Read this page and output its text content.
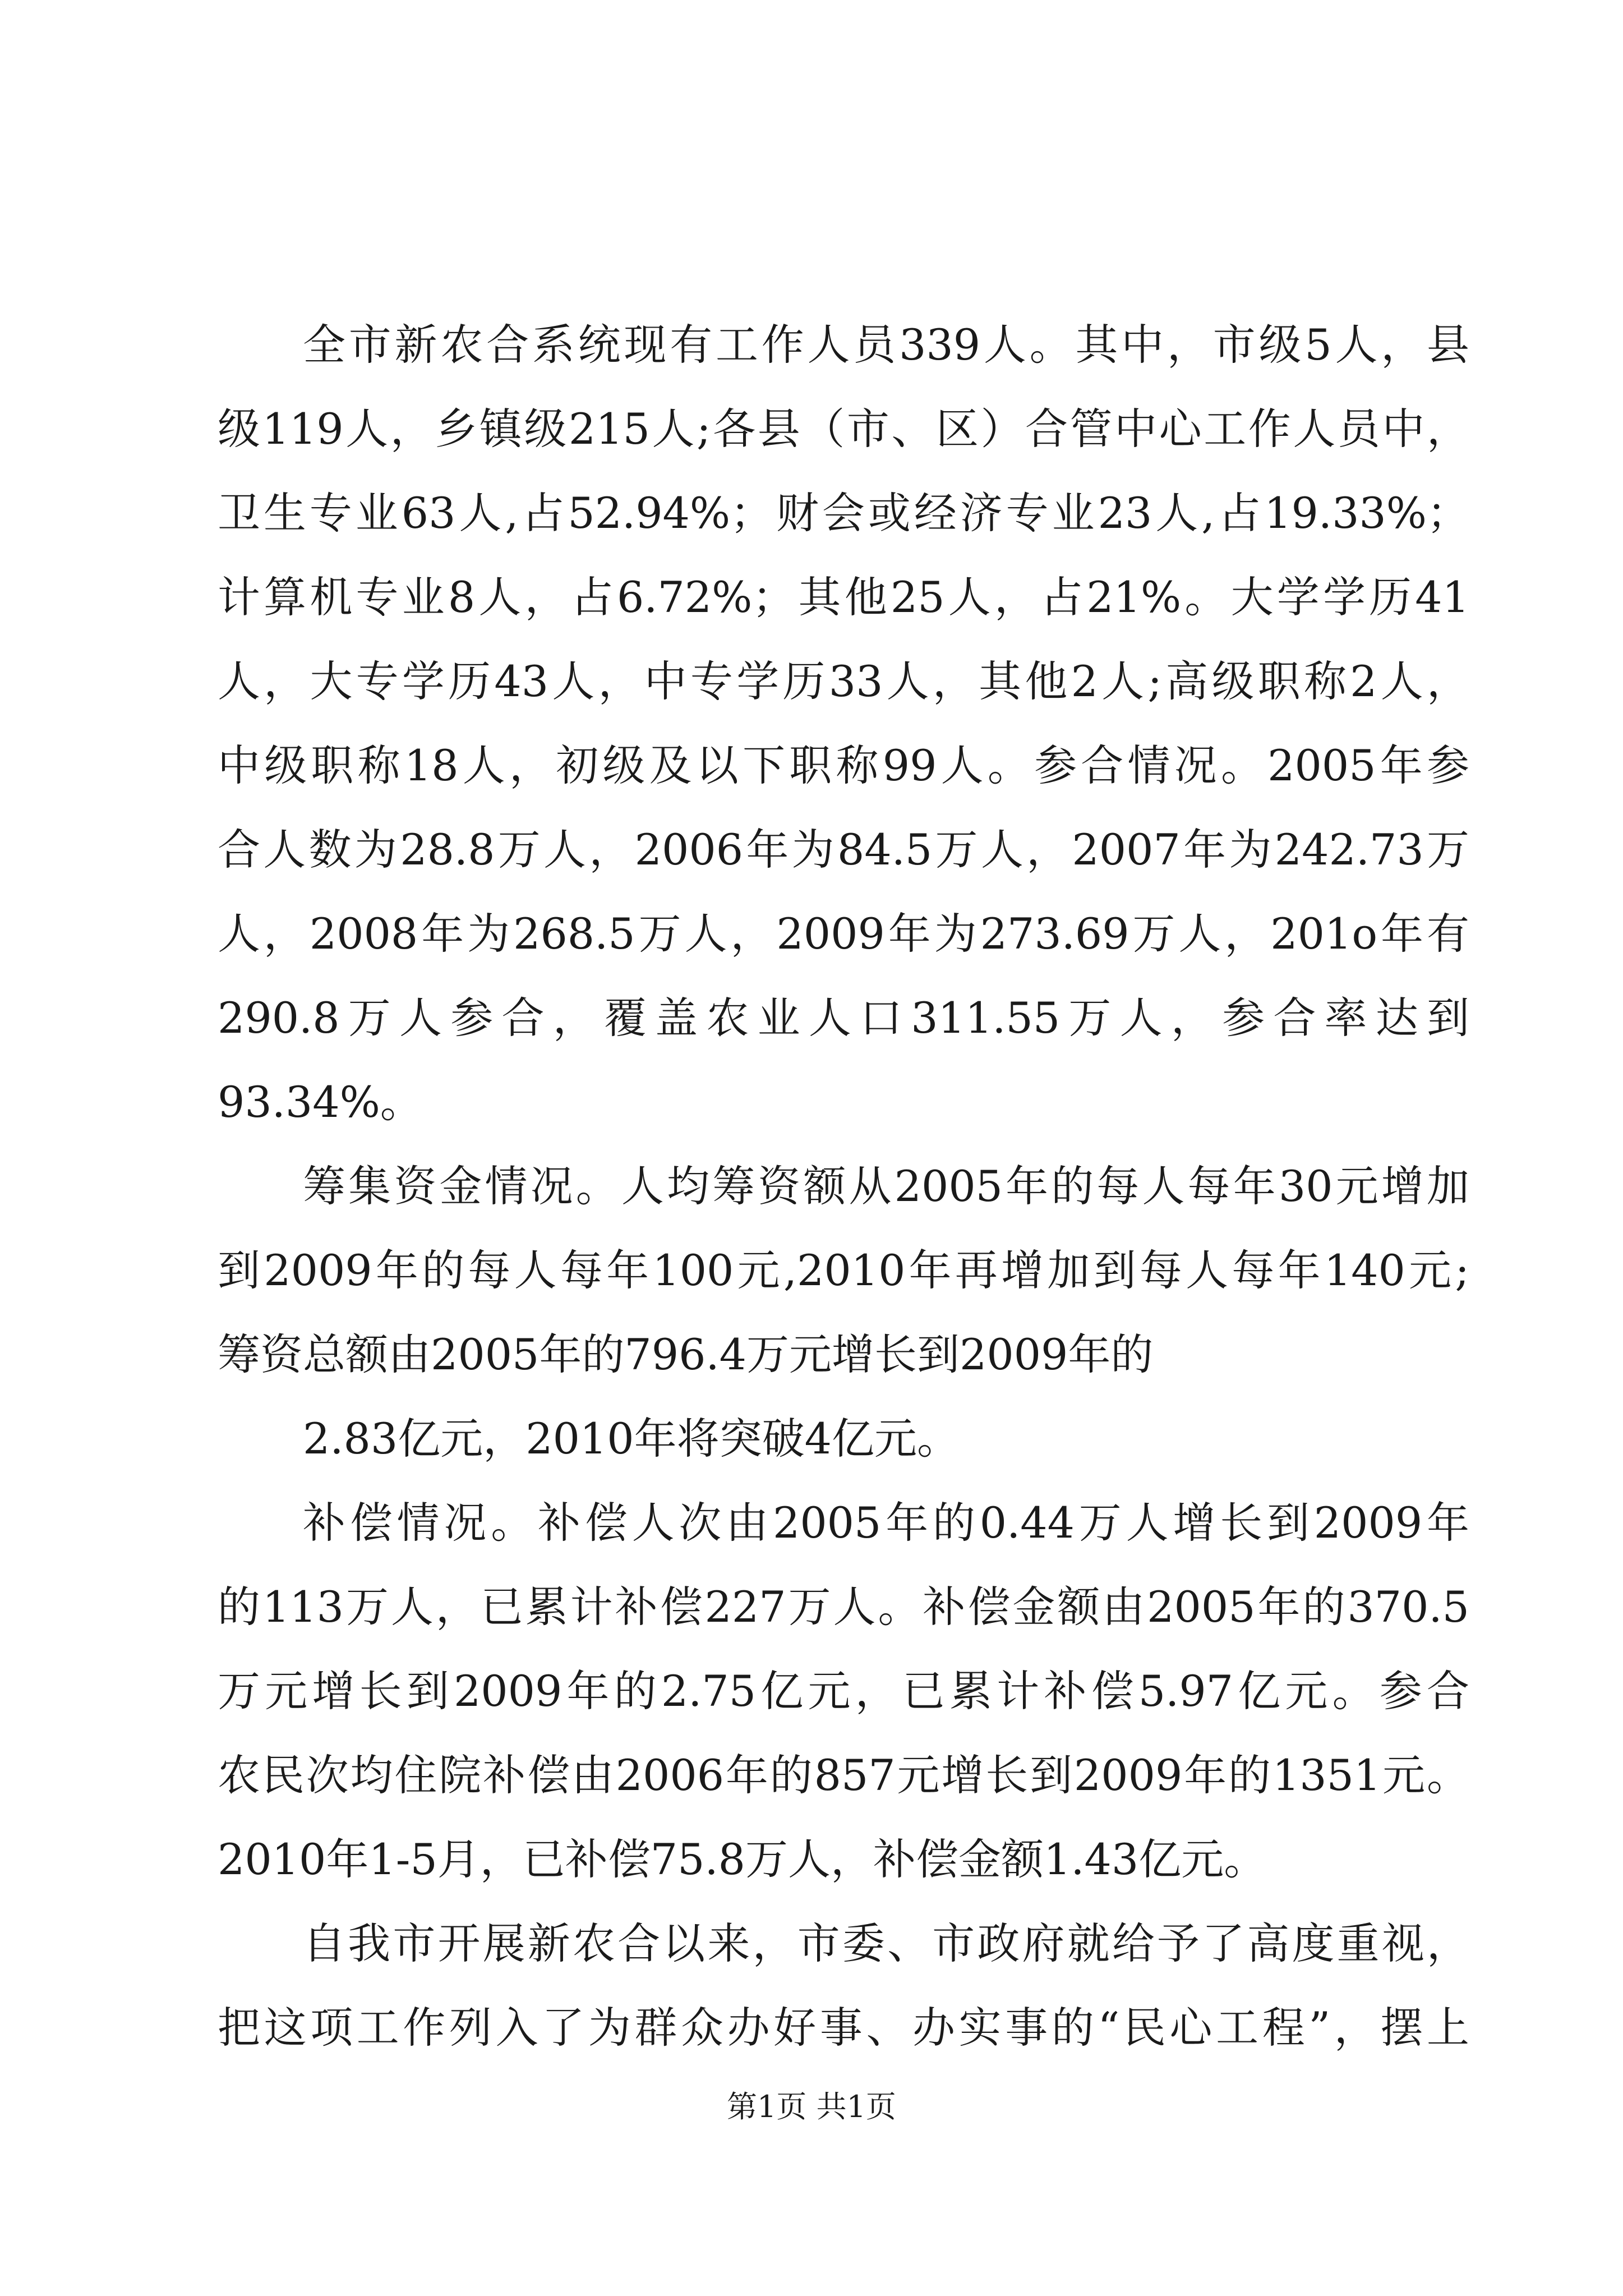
全市新农合系统现有工作人员339人。其中，市级5人，县
级119人，乡镇级215人;各县（市、区）合管中心工作人员中，
卫生专业63人,占52.94%；财会或经济专业23人,占19.33%；
计算机专业8人，占6.72%；其他25人，占21%。大学学历41
人，大专学历43人，中专学历33人，其他2人;高级职称2人，
中级职称18人，初级及以下职称99人。参合情况。2005年参
合人数为28.8万人，2006年为84.5万人，2007年为242.73万
人，2008年为268.5万人，2009年为273.69万人，201o年有
290.8万人参合，覆盖农业人口311.55万人，参合率达到
93.34%。
筹集资金情况。人均筹资额从2005年的每人每年30元增加
到2009年的每人每年100元,2010年再增加到每人每年140元;
筹资总额由2005年的796.4万元增长到2009年的
2.83亿元，2010年将突破4亿元。
补偿情况。补偿人次由2005年的0.44万人增长到2009年
的113万人，已累计补偿227万人。补偿金额由2005年的370.5
万元增长到2009年的2.75亿元，已累计补偿5.97亿元。参合
农民次均住院补偿由2006年的857元增长到2009年的1351元。
2010年1-5月，已补偿75.8万人，补偿金额1.43亿元。
自我市开展新农合以来，市委、市政府就给予了高度重视，
把这项工作列入了为群众办好事、办实事的“民心工程”，摆上
第1页 共1页
